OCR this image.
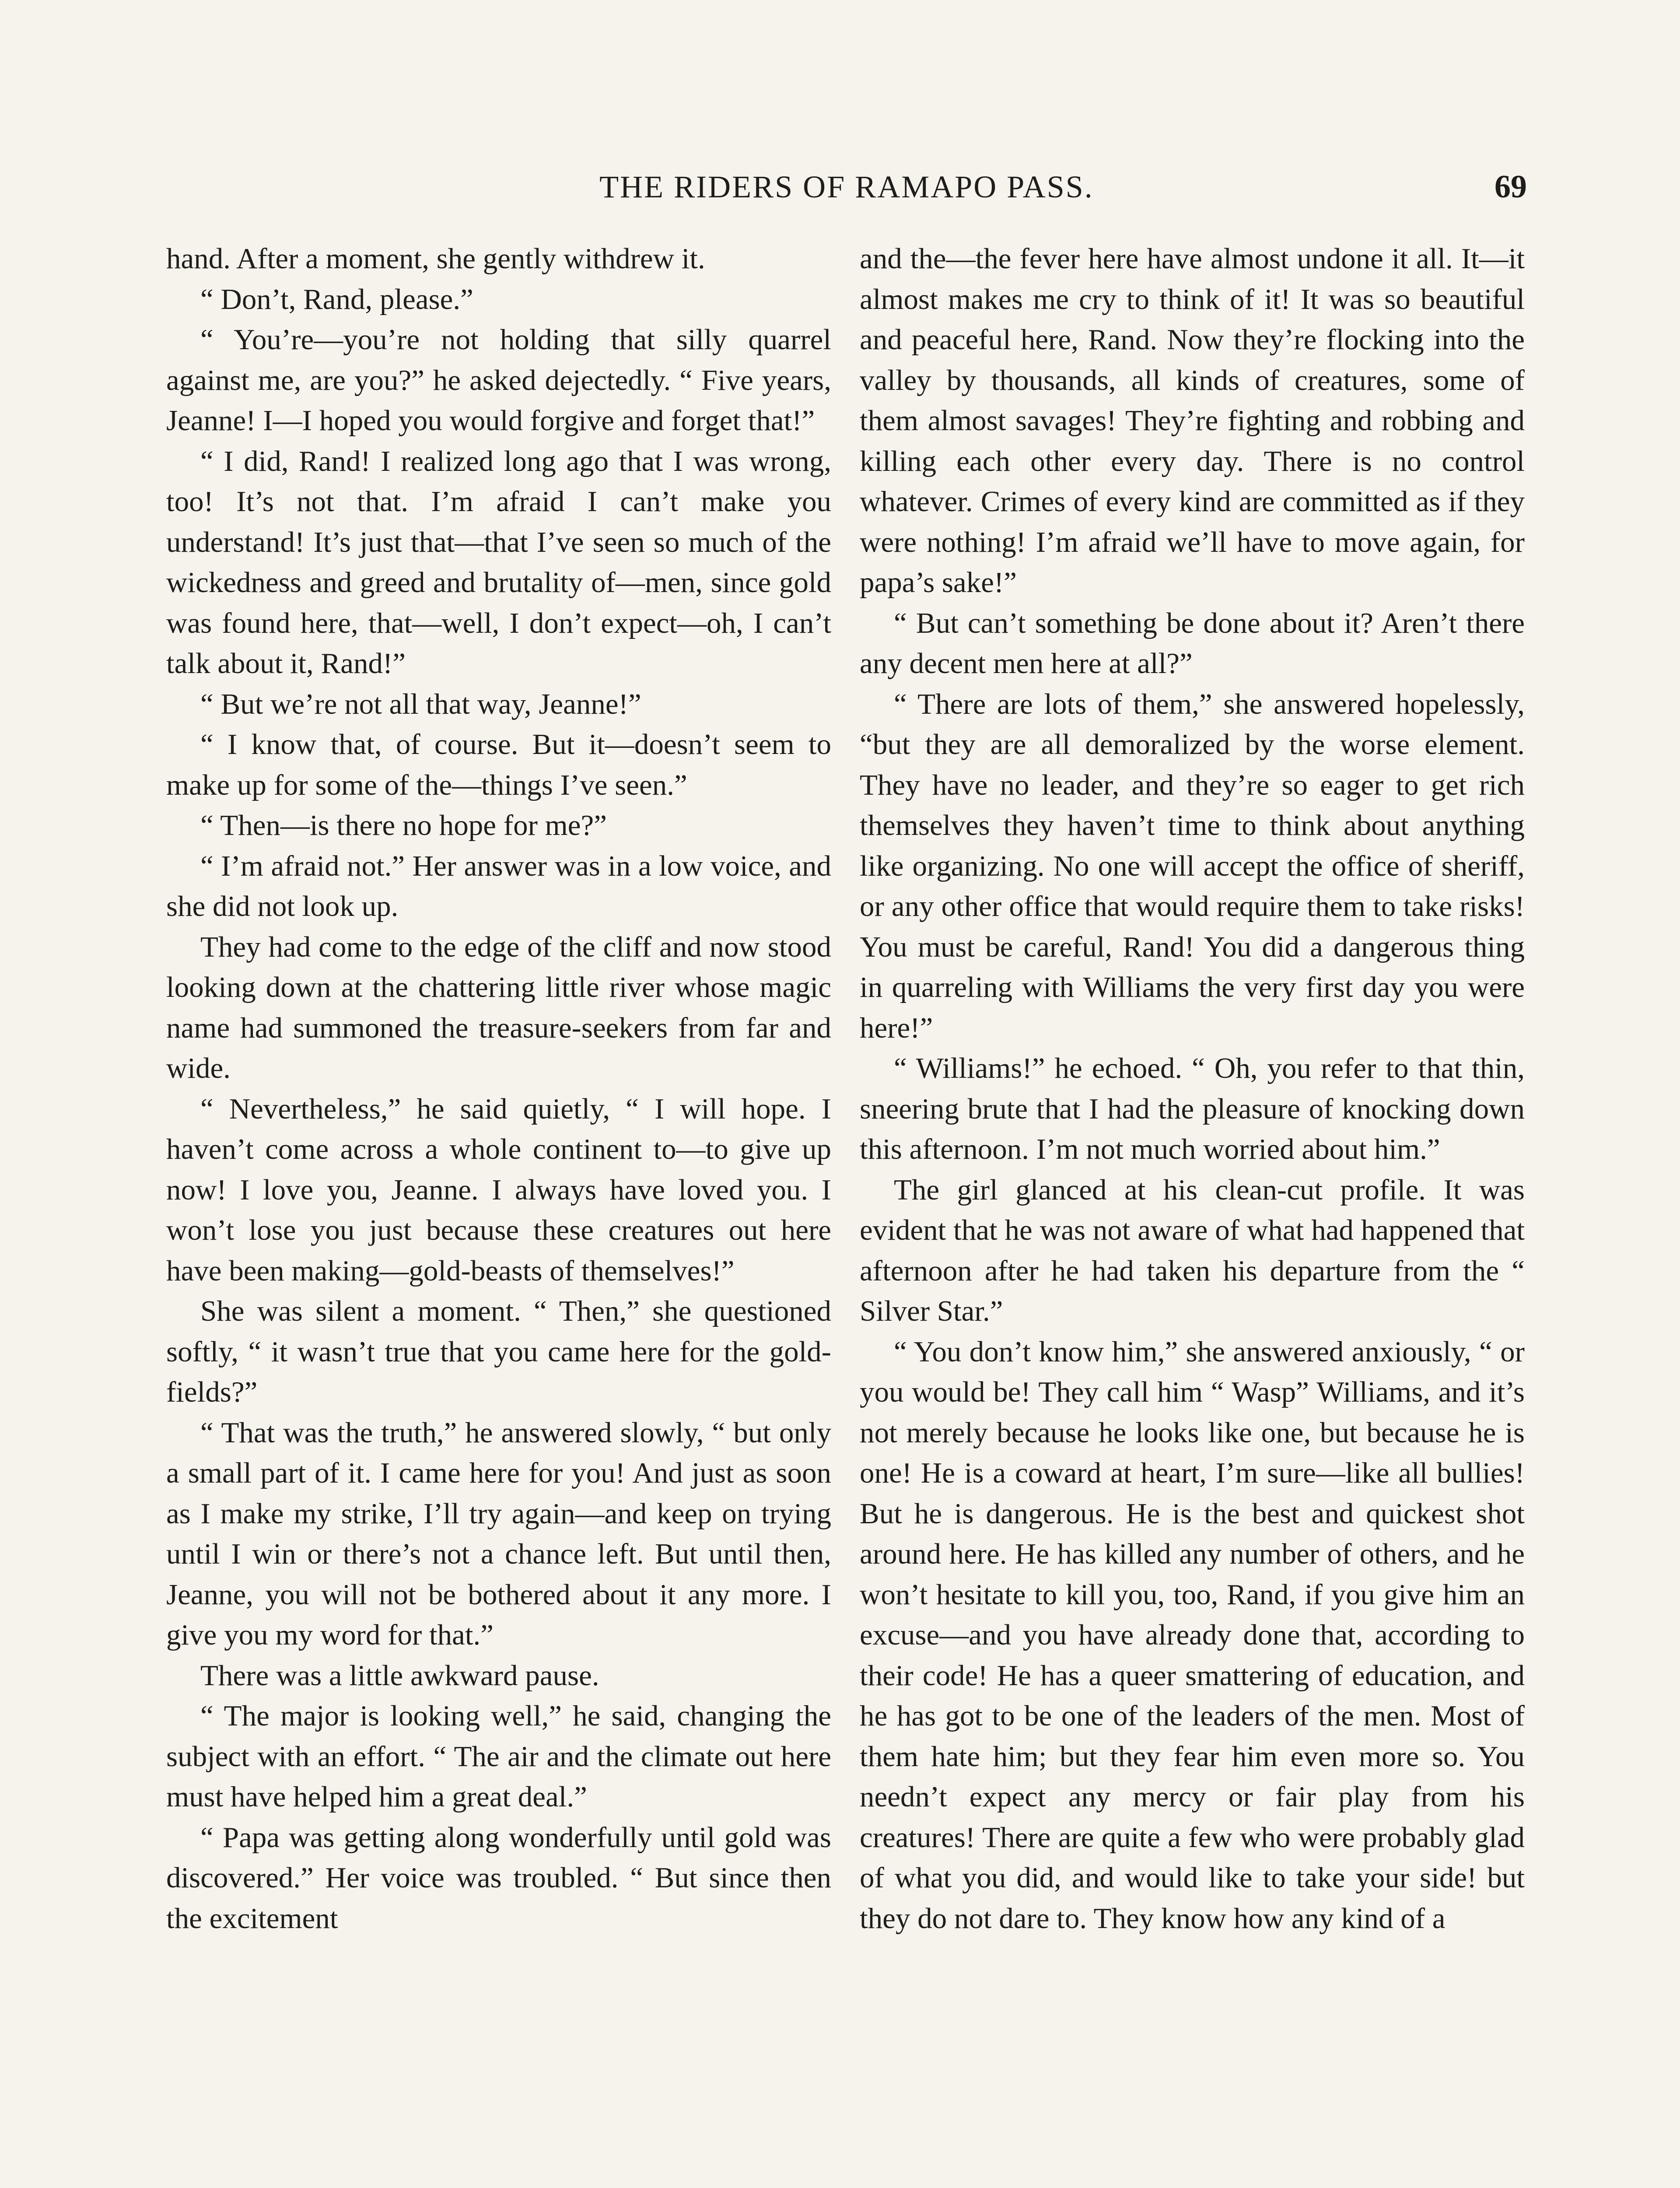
THE RIDERS OF RAMAPO PASS.	69

hand. After a moment, she gently withdrew it.

“ Don’t, Rand, please.”

“ You’re—you’re not holding that silly quarrel against me, are you?” he asked dejectedly. “ Five years, Jeanne! I—I hoped you would forgive and forget that!”

“ I did, Rand! I realized long ago that I was wrong, too! It’s not that. I’m afraid I can’t make you understand! It’s just that—that I’ve seen so much of the wickedness and greed and brutality of—men, since gold was found here, that—well, I don’t expect—oh, I can’t talk about it, Rand!”

“ But we’re not all that way, Jeanne!”

“ I know that, of course. But it—doesn’t seem to make up for some of the—things I’ve seen.”

“ Then—is there no hope for me?”

“ I’m afraid not.” Her answer was in a low voice, and she did not look up.

They had come to the edge of the cliff and now stood looking down at the chattering little river whose magic name had summoned the treasure-seekers from far and wide.

“ Nevertheless,” he said quietly, “ I will hope. I haven’t come across a whole continent to—to give up now! I love you, Jeanne. I always have loved you. I won’t lose you just because these creatures out here have been making—gold-beasts of themselves!”

She was silent a moment. “ Then,” she questioned softly, “ it wasn’t true that you came here for the gold-fields?”

“ That was the truth,” he answered slowly, “ but only a small part of it. I came here for you! And just as soon as I make my strike, I’ll try again—and keep on trying until I win or there’s not a chance left. But until then, Jeanne, you will not be bothered about it any more. I give you my word for that.”

There was a little awkward pause.

“ The major is looking well,” he said, changing the subject with an effort. “ The air and the climate out here must have helped him a great deal.”

“ Papa was getting along wonderfully until gold was discovered.” Her voice was troubled. “ But since then the excitement

and the—the fever here have almost undone it all. It—it almost makes me cry to think of it! It was so beautiful and peaceful here, Rand. Now they’re flocking into the valley by thousands, all kinds of creatures, some of them almost savages! They’re fighting and robbing and killing each other every day. There is no control whatever. Crimes of every kind are committed as if they were nothing! I’m afraid we’ll have to move again, for papa’s sake!”

“ But can’t something be done about it? Aren’t there any decent men here at all?”

“ There are lots of them,” she answered hopelessly, “but they are all demoralized by the worse element. They have no leader, and they’re so eager to get rich themselves they haven’t time to think about anything like organizing. No one will accept the office of sheriff, or any other office that would require them to take risks! You must be careful, Rand! You did a dangerous thing in quarreling with Williams the very first day you were here!”

“ Williams!” he echoed. “ Oh, you refer to that thin, sneering brute that I had the pleasure of knocking down this afternoon. I’m not much worried about him.”

The girl glanced at his clean-cut profile. It was evident that he was not aware of what had happened that afternoon after he had taken his departure from the “ Silver Star.”

“ You don’t know him,” she answered anxiously, “ or you would be! They call him “ Wasp” Williams, and it’s not merely because he looks like one, but because he is one! He is a coward at heart, I’m sure—like all bullies! But he is dangerous. He is the best and quickest shot around here. He has killed any number of others, and he won’t hesitate to kill you, too, Rand, if you give him an excuse—and you have already done that, according to their code! He has a queer smattering of education, and he has got to be one of the leaders of the men. Most of them hate him; but they fear him even more so. You needn’t expect any mercy or fair play from his creatures! There are quite a few who were probably glad of what you did, and would like to take your side! but they do not dare to. They know how any kind of a
